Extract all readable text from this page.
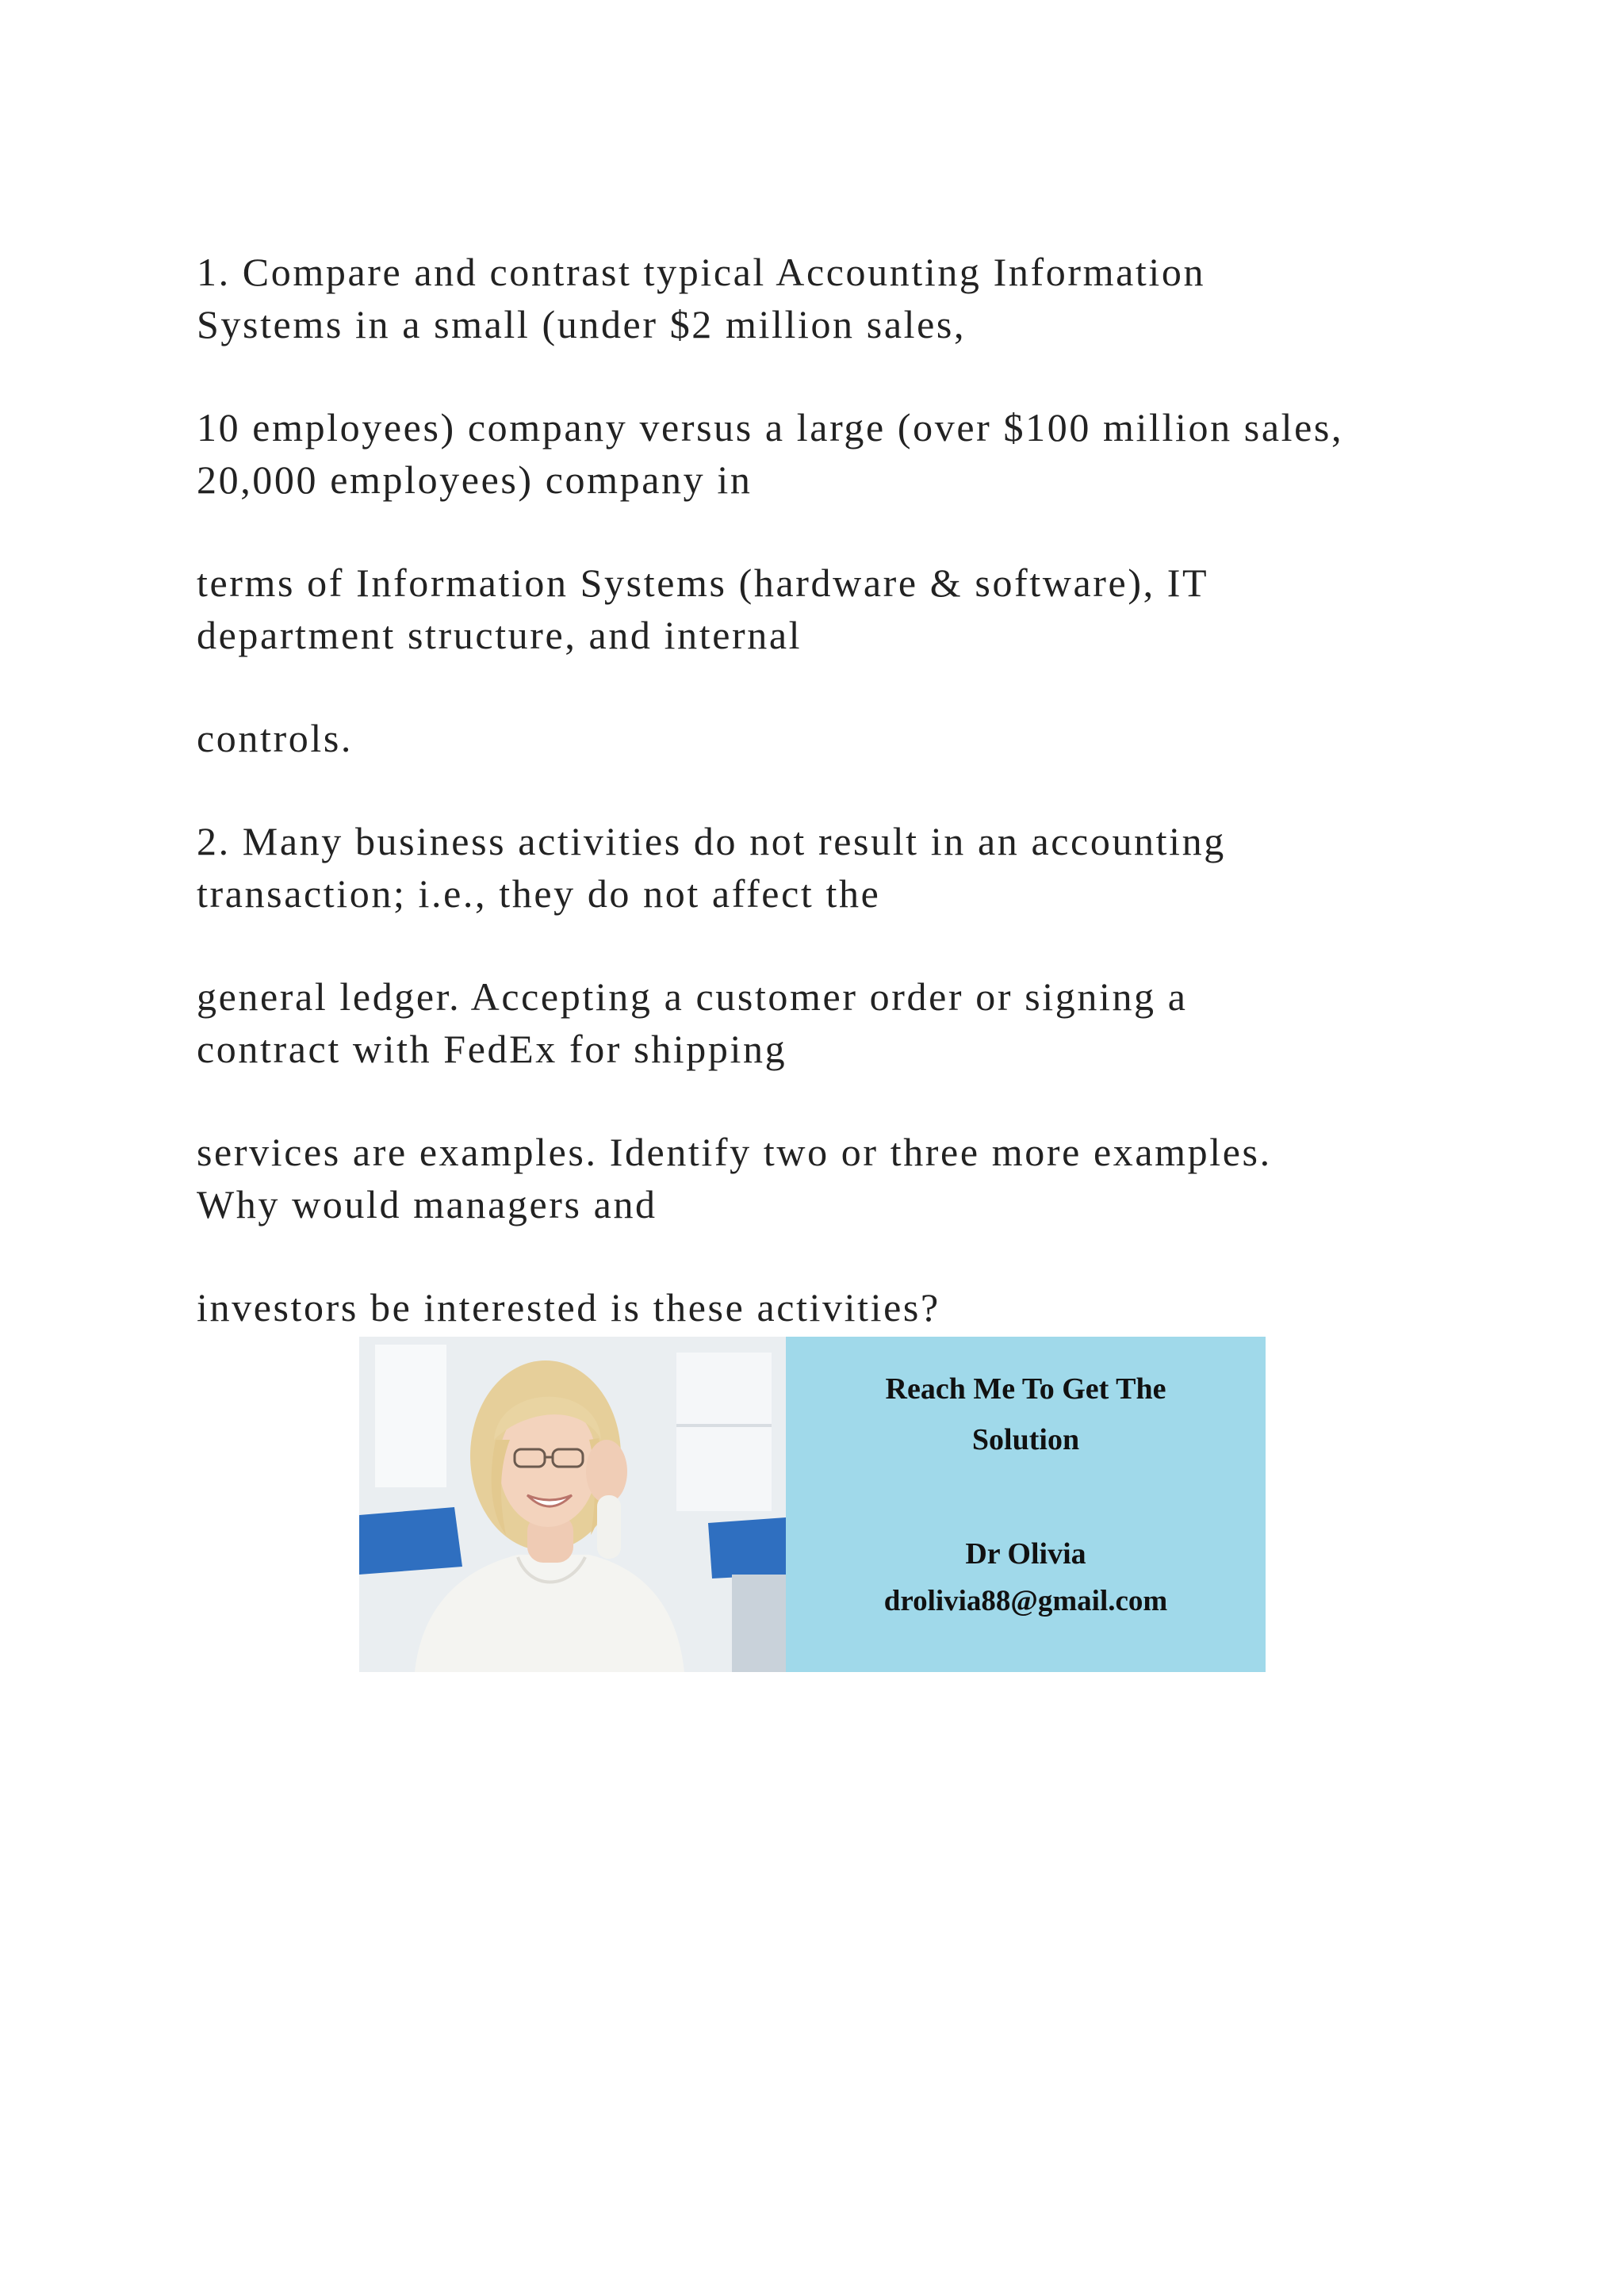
1. Compare and contrast typical Accounting Information
Systems in a small (under $2 million sales,

10 employees) company versus a large (over $100 million sales,
20,000 employees) company in

terms of Information Systems (hardware & software), IT
department structure, and internal

controls.

2. Many business activities do not result in an accounting
transaction; i.e., they do not affect the

general ledger. Accepting a customer order or signing a
contract with FedEx for shipping

services are examples. Identify two or three more examples.
Why would managers and

investors be interested is these activities?

Reach Me To Get The
Solution
Dr Olivia
drolivia88@gmail.com
